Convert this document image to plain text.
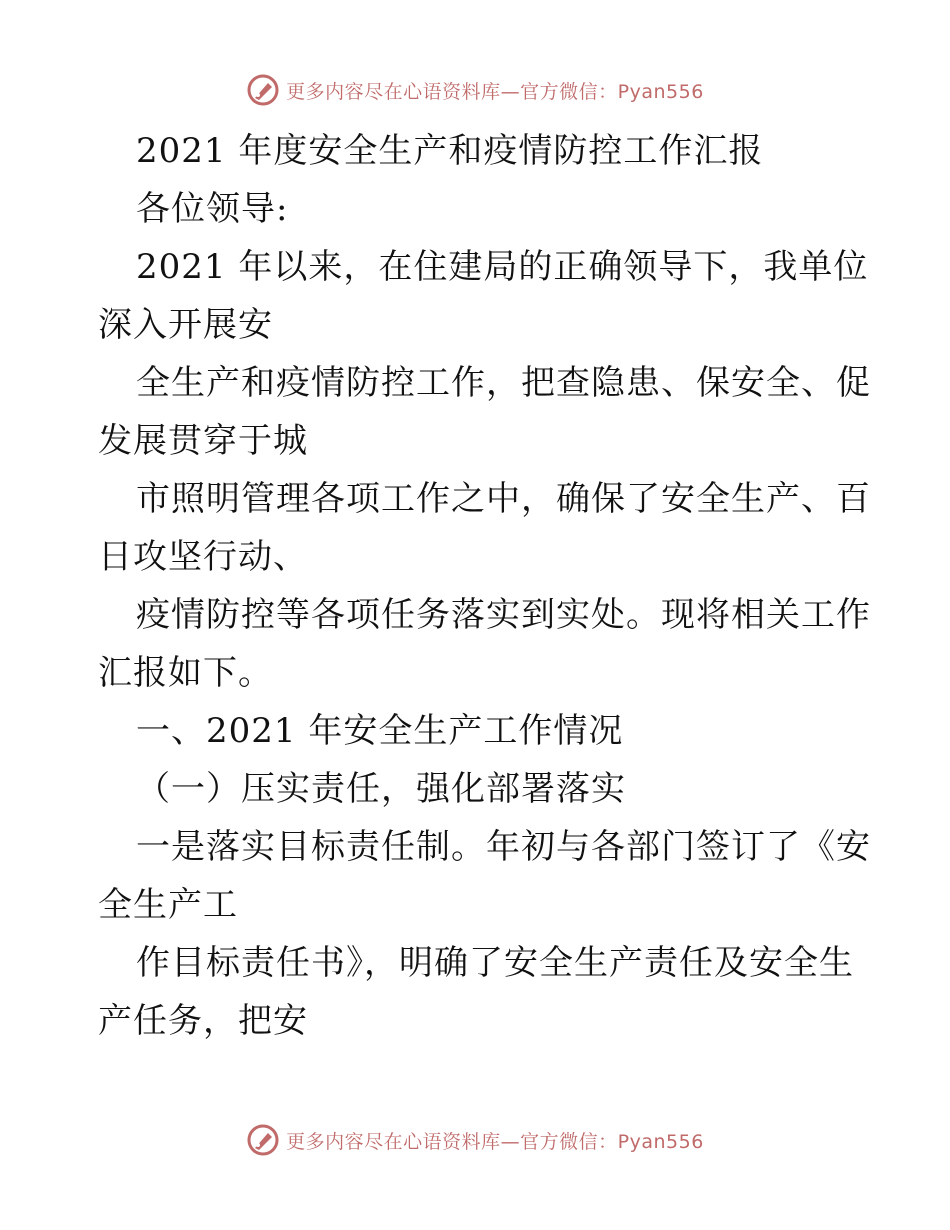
更多内容尽在心语资料库—官方微信：Pyan556
2021 年度安全生产和疫情防控工作汇报
各位领导:
2021 年以来，在住建局的正确领导下，我单位
深入开展安
全生产和疫情防控工作，把查隐患、保安全、促
发展贯穿于城
市照明管理各项工作之中，确保了安全生产、百
日攻坚行动、
疫情防控等各项任务落实到实处。现将相关工作
汇报如下。
一、2021 年安全生产工作情况
（一）压实责任，强化部署落实
一是落实目标责任制。年初与各部门签订了《安
全生产工
作目标责任书》，明确了安全生产责任及安全生
产任务，把安
更多内容尽在心语资料库—官方微信：Pyan556
